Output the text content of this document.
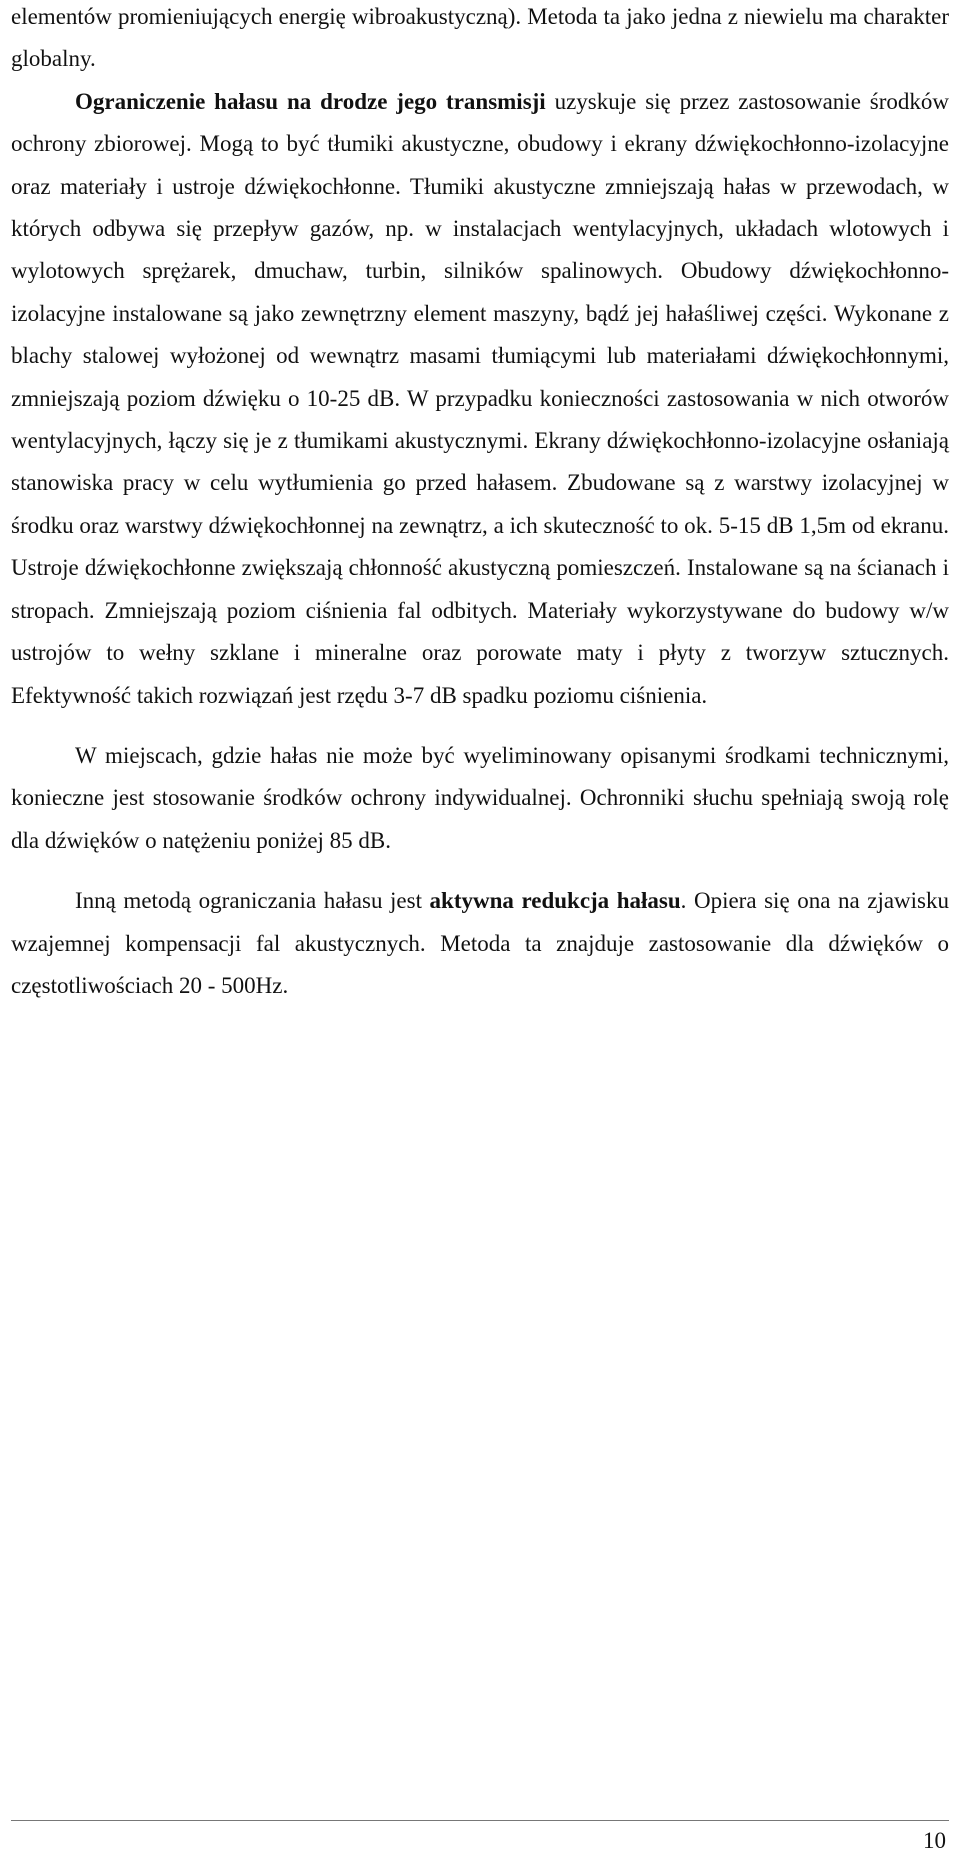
elementów promieniujących energię wibroakustyczną). Metoda ta jako jedna z niewielu ma charakter globalny.

Ograniczenie hałasu na drodze jego transmisji uzyskuje się przez zastosowanie środków ochrony zbiorowej. Mogą to być tłumiki akustyczne, obudowy i ekrany dźwiękochłonno-izolacyjne oraz materiały i ustroje dźwiękochłonne. Tłumiki akustyczne zmniejszają hałas w przewodach, w których odbywa się przepływ gazów, np. w instalacjach wentylacyjnych, układach wlotowych i wylotowych sprężarek, dmuchaw, turbin, silników spalinowych. Obudowy dźwiękochłonno-izolacyjne instalowane są jako zewnętrzny element maszyny, bądź jej hałaśliwej części. Wykonane z blachy stalowej wyłożonej od wewnątrz masami tłumiącymi lub materiałami dźwiękochłonnymi, zmniejszają poziom dźwięku o 10-25 dB. W przypadku konieczności zastosowania w nich otworów wentylacyjnych, łączy się je z tłumikami akustycznymi. Ekrany dźwiękochłonno-izolacyjne osłaniają stanowiska pracy w celu wytłumienia go przed hałasem. Zbudowane są z warstwy izolacyjnej w środku oraz warstwy dźwiękochłonnej na zewnątrz, a ich skuteczność to ok. 5-15 dB 1,5m od ekranu. Ustroje dźwiękochłonne zwiększają chłonność akustyczną pomieszczeń. Instalowane są na ścianach i stropach. Zmniejszają poziom ciśnienia fal odbitych. Materiały wykorzystywane do budowy w/w ustrojów to wełny szklane i mineralne oraz porowate maty i płyty z tworzyw sztucznych. Efektywność takich rozwiązań jest rzędu 3-7 dB spadku poziomu ciśnienia.

W miejscach, gdzie hałas nie może być wyeliminowany opisanymi środkami technicznymi, konieczne jest stosowanie środków ochrony indywidualnej. Ochronniki słuchu spełniają swoją rolę dla dźwięków o natężeniu poniżej 85 dB.

Inną metodą ograniczania hałasu jest aktywna redukcja hałasu. Opiera się ona na zjawisku wzajemnej kompensacji fal akustycznych. Metoda ta znajduje zastosowanie dla dźwięków o częstotliwościach 20 - 500Hz.

10
